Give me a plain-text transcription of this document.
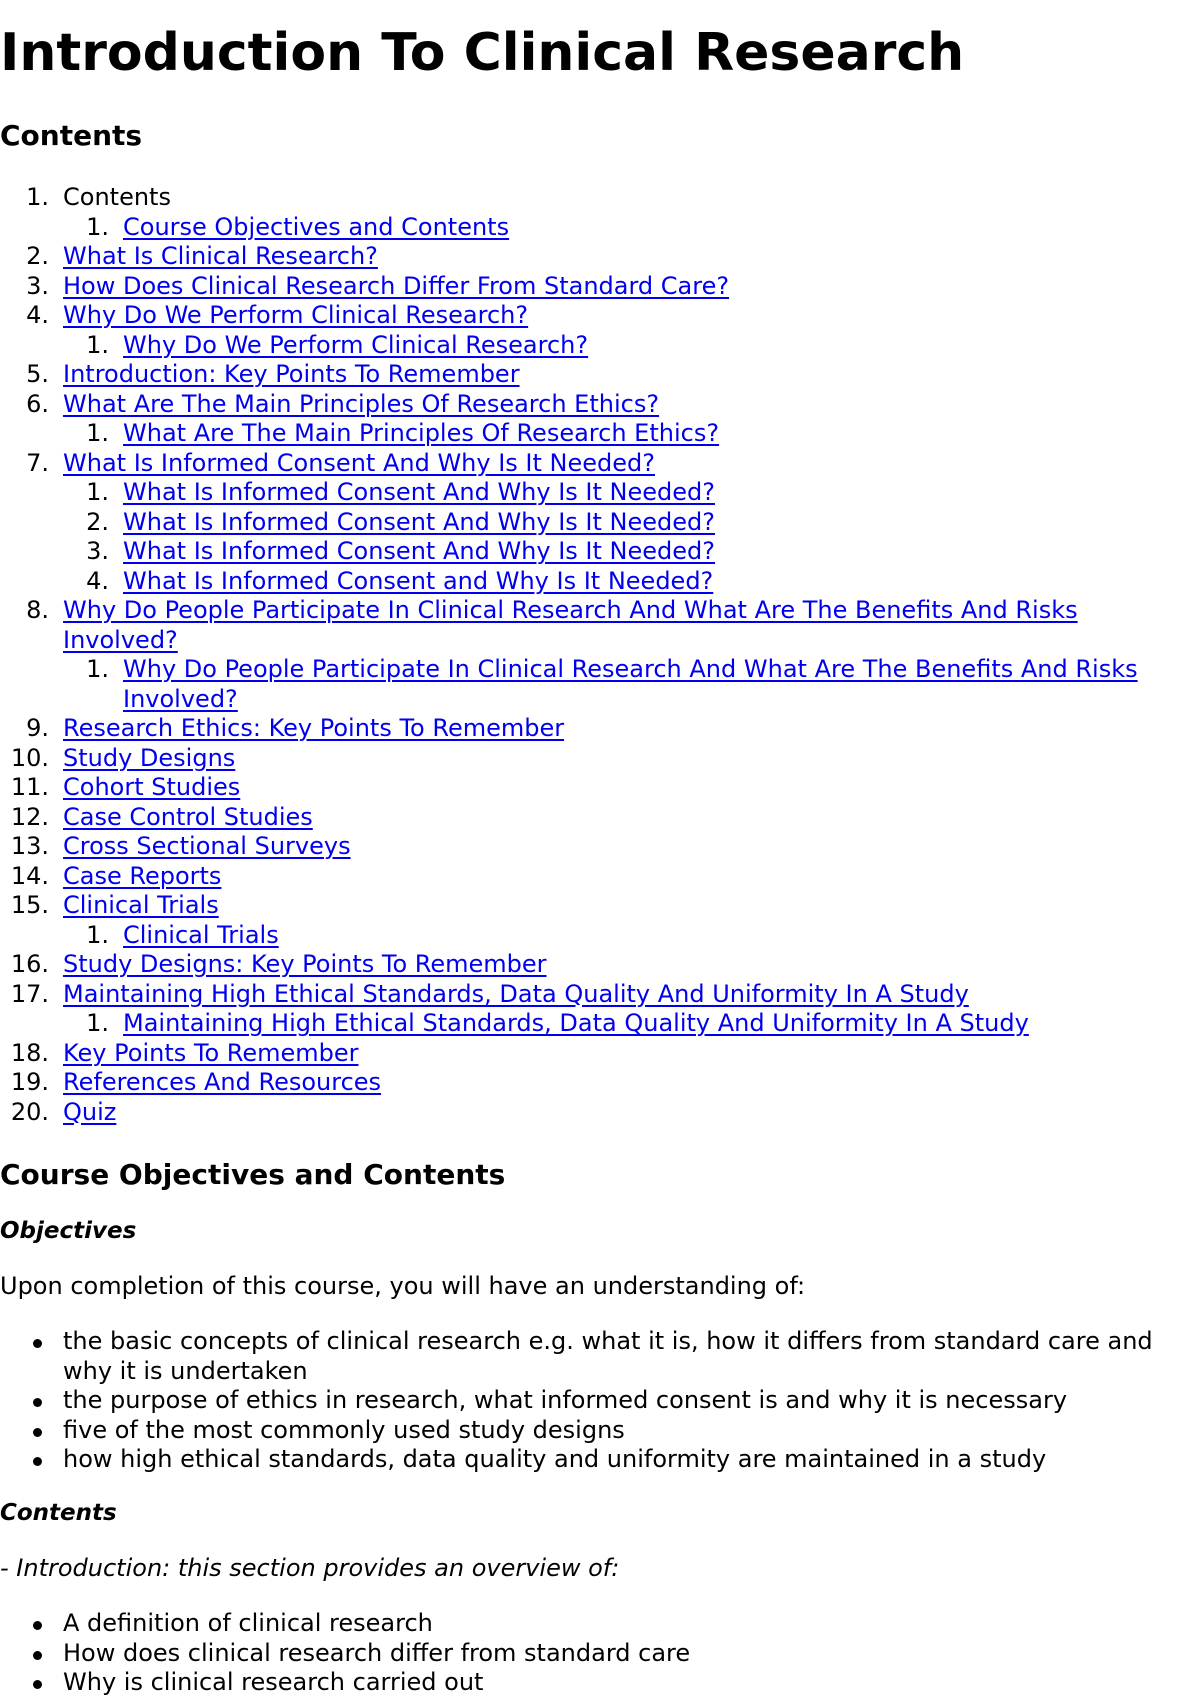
Introduction To Clinical Research
Contents
1. Contents
1. Course Objectives and Contents
2. What Is Clinical Research?
3. How Does Clinical Research Differ From Standard Care?
4. Why Do We Perform Clinical Research?
1. Why Do We Perform Clinical Research?
5. Introduction: Key Points To Remember
6. What Are The Main Principles Of Research Ethics?
1. What Are The Main Principles Of Research Ethics?
7. What Is Informed Consent And Why Is It Needed?
1. What Is Informed Consent And Why Is It Needed?
2. What Is Informed Consent And Why Is It Needed?
3. What Is Informed Consent And Why Is It Needed?
4. What Is Informed Consent and Why Is It Needed?
8. Why Do People Participate In Clinical Research And What Are The Benefits And Risks Involved?
1. Why Do People Participate In Clinical Research And What Are The Benefits And Risks Involved?
9. Research Ethics: Key Points To Remember
10. Study Designs
11. Cohort Studies
12. Case Control Studies
13. Cross Sectional Surveys
14. Case Reports
15. Clinical Trials
1. Clinical Trials
16. Study Designs: Key Points To Remember
17. Maintaining High Ethical Standards, Data Quality And Uniformity In A Study
1. Maintaining High Ethical Standards, Data Quality And Uniformity In A Study
18. Key Points To Remember
19. References And Resources
20. Quiz
Course Objectives and Contents
Objectives

Upon completion of this course, you will have an understanding of:

the basic concepts of clinical research e.g. what it is, how it differs from standard care and why it is undertaken
the purpose of ethics in research, what informed consent is and why it is necessary
five of the most commonly used study designs
how high ethical standards, data quality and uniformity are maintained in a study
Contents

- Introduction: this section provides an overview of:

A definition of clinical research
How does clinical research differ from standard care
Why is clinical research carried out
